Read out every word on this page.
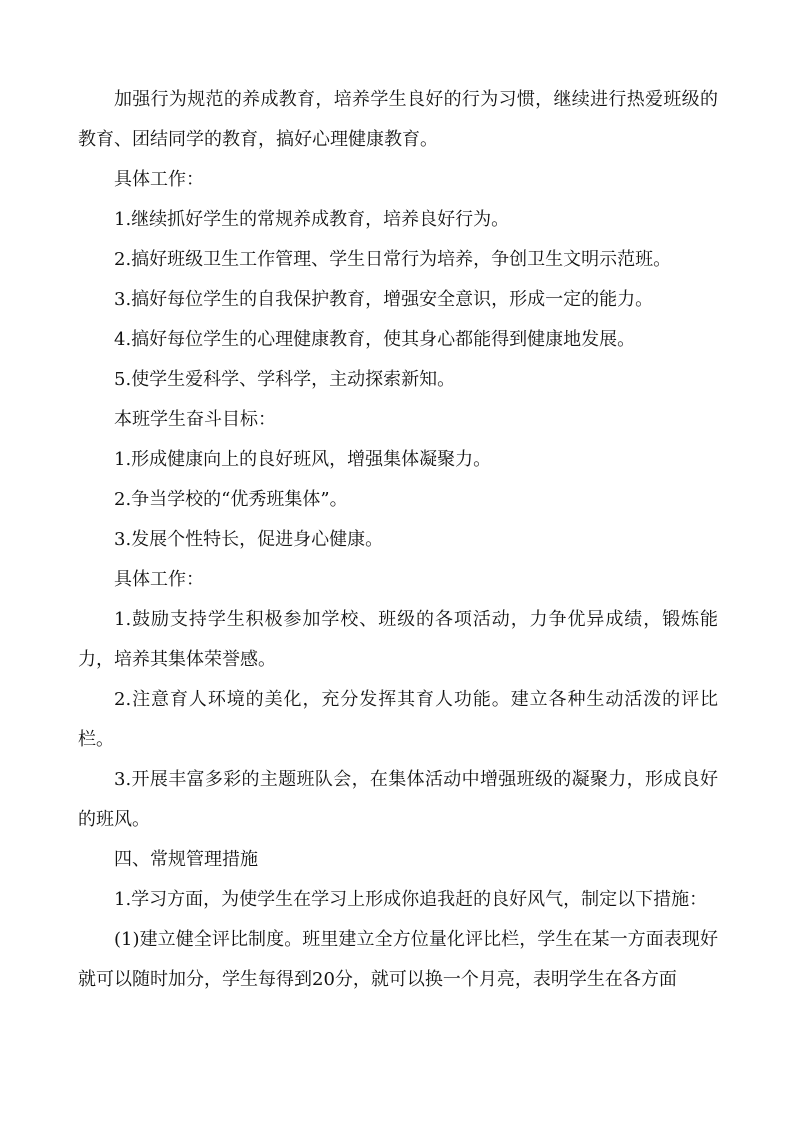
加强行为规范的养成教育，培养学生良好的行为习惯，继续进行热爱班级的教育、团结同学的教育，搞好心理健康教育。

具体工作：

1.继续抓好学生的常规养成教育，培养良好行为。

2.搞好班级卫生工作管理、学生日常行为培养，争创卫生文明示范班。

3.搞好每位学生的自我保护教育，增强安全意识，形成一定的能力。

4.搞好每位学生的心理健康教育，使其身心都能得到健康地发展。

5.使学生爱科学、学科学，主动探索新知。

本班学生奋斗目标：

1.形成健康向上的良好班风，增强集体凝聚力。

2.争当学校的“优秀班集体”。

3.发展个性特长，促进身心健康。

具体工作：

1.鼓励支持学生积极参加学校、班级的各项活动，力争优异成绩，锻炼能力，培养其集体荣誉感。

2.注意育人环境的美化，充分发挥其育人功能。建立各种生动活泼的评比栏。

3.开展丰富多彩的主题班队会，在集体活动中增强班级的凝聚力，形成良好的班风。

四、常规管理措施

1.学习方面，为使学生在学习上形成你追我赶的良好风气，制定以下措施：

(1)建立健全评比制度。班里建立全方位量化评比栏，学生在某一方面表现好就可以随时加分，学生每得到20分，就可以换一个月亮，表明学生在各方面
